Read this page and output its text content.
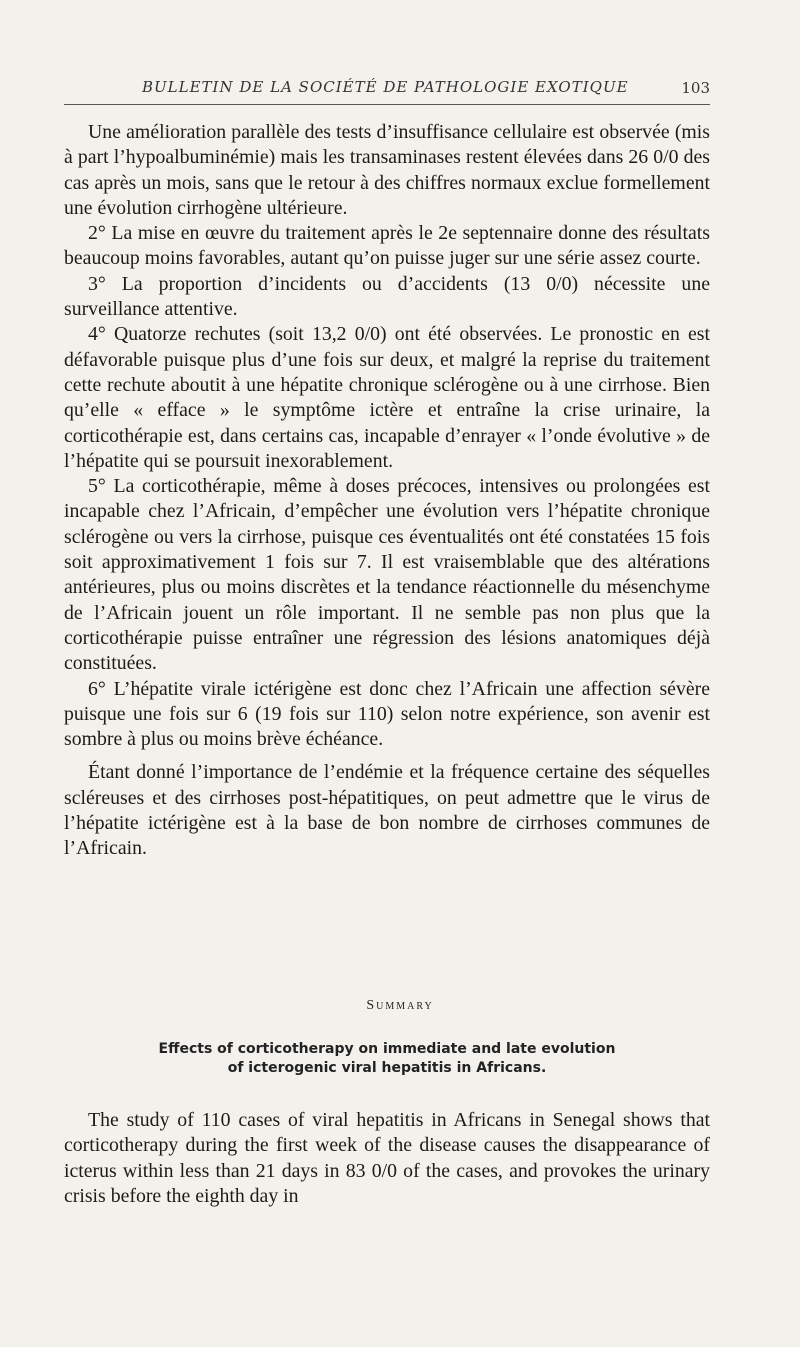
BULLETIN DE LA SOCIÉTÉ DE PATHOLOGIE EXOTIQUE	103

Une amélioration parallèle des tests d’insuffisance cellulaire est observée (mis à part l’hypoalbuminémie) mais les transaminases restent élevées dans 26 0/0 des cas après un mois, sans que le retour à des chiffres normaux exclue formellement une évolution cirrhogène ultérieure.

2° La mise en œuvre du traitement après le 2e septennaire donne des résultats beaucoup moins favorables, autant qu’on puisse juger sur une série assez courte.

3° La proportion d’incidents ou d’accidents (13 0/0) nécessite une surveillance attentive.

4° Quatorze rechutes (soit 13,2 0/0) ont été observées. Le pronostic en est défavorable puisque plus d’une fois sur deux, et malgré la reprise du traitement cette rechute aboutit à une hépatite chronique sclérogène ou à une cirrhose. Bien qu’elle « efface » le symptôme ictère et entraîne la crise urinaire, la corticothérapie est, dans certains cas, incapable d’enrayer « l’onde évolutive » de l’hépatite qui se poursuit inexorablement.

5° La corticothérapie, même à doses précoces, intensives ou prolongées est incapable chez l’Africain, d’empêcher une évolution vers l’hépatite chronique sclérogène ou vers la cirrhose, puisque ces éventualités ont été constatées 15 fois soit approximativement 1 fois sur 7. Il est vraisemblable que des altérations antérieures, plus ou moins discrètes et la tendance réactionnelle du mésenchyme de l’Africain jouent un rôle important. Il ne semble pas non plus que la corticothérapie puisse entraîner une régression des lésions anatomiques déjà constituées.

6° L’hépatite virale ictérigène est donc chez l’Africain une affection sévère puisque une fois sur 6 (19 fois sur 110) selon notre expérience, son avenir est sombre à plus ou moins brève échéance.

Étant donné l’importance de l’endémie et la fréquence certaine des séquelles scléreuses et des cirrhoses post-hépatitiques, on peut admettre que le virus de l’hépatite ictérigène est à la base de bon nombre de cirrhoses communes de l’Africain.

Summary
Effects of corticotherapy on immediate and late evolution
of icterogenic viral hepatitis in Africans.

The study of 110 cases of viral hepatitis in Africans in Senegal shows that corticotherapy during the first week of the disease causes the disappearance of icterus within less than 21 days in 83 0/0 of the cases, and provokes the urinary crisis before the eighth day in
